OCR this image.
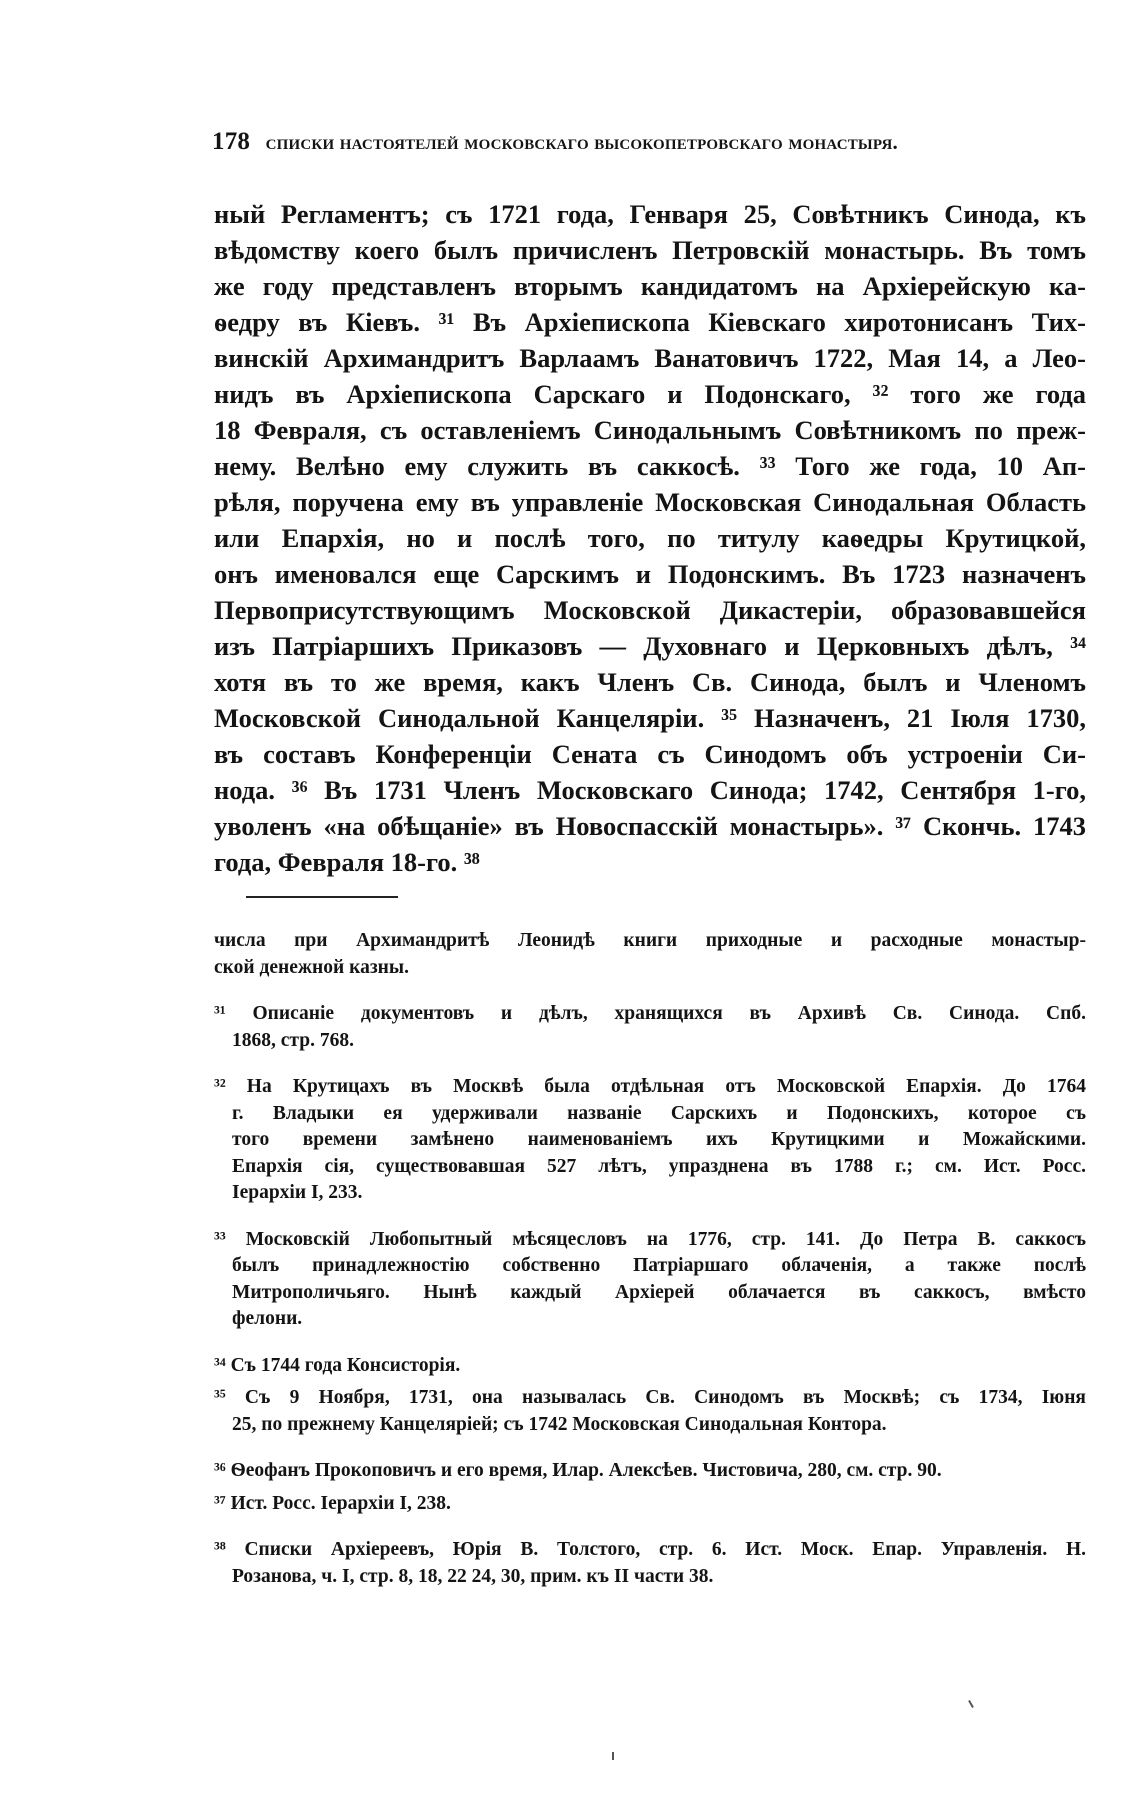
178 списки настоятелей московскаго высокопетровскаго монастыря.
ный Регламентъ; съ 1721 года, Генваря 25, Совѣтникъ Синода, къ
вѣдомству коего былъ причисленъ Петровскій монастырь. Въ томъ
же году представленъ вторымъ кандидатомъ на Архіерейскую ка-
ѳедру въ Кіевъ. ³¹ Въ Архіепископа Кіевскаго хиротонисанъ Тих-
винскій Архимандритъ Варлаамъ Ванатовичъ 1722, Мая 14, а Лео-
нидъ въ Архіепископа Сарскаго и Подонскаго, ³² того же года
18 Февраля, съ оставленіемъ Синодальнымъ Совѣтникомъ по преж-
нему. Велѣно ему служить въ саккосѣ. ³³ Того же года, 10 Ап-
рѣля, поручена ему въ управленіе Московская Синодальная Область
или Епархія, но и послѣ того, по титулу каѳедры Крутицкой,
онъ именовался еще Сарскимъ и Подонскимъ. Въ 1723 назначенъ
Первоприсутствующимъ Московской Дикастеріи, образовавшейся
изъ Патріаршихъ Приказовъ — Духовнаго и Церковныхъ дѣлъ, ³⁴
хотя въ то же время, какъ Членъ Св. Синода, былъ и Членомъ
Московской Синодальной Канцеляріи. ³⁵ Назначенъ, 21 Іюля 1730,
въ составъ Конференціи Сената съ Синодомъ объ устроеніи Си-
нода. ³⁶ Въ 1731 Членъ Московскаго Синода; 1742, Сентября 1-го,
уволенъ «на обѣщаніе» въ Новоспасскій монастырь». ³⁷ Скончь. 1743
года, Февраля 18-го. ³⁸
числа при Архимандритѣ Леонидѣ книги приходные и расходные монастыр-
ской денежной казны.
³¹ Описаніе документовъ и дѣлъ, хранящихся въ Архивѣ Св. Синода. Спб.
1868, стр. 768.
³² На Крутицахъ въ Москвѣ была отдѣльная отъ Московской Епархія. До 1764
г. Владыки ея удерживали названіе Сарскихъ и Подонскихъ, которое съ
того времени замѣнено наименованіемъ ихъ Крутицкими и Можайскими.
Епархія сія, существовавшая 527 лѣтъ, упразднена въ 1788 г.; см. Ист. Росс.
Іерархіи I, 233.
³³ Московскій Любопытный мѣсяцесловъ на 1776, стр. 141. До Петра В. саккосъ
былъ принадлежностію собственно Патріаршаго облаченія, а также послѣ
Митрополичьяго. Нынѣ каждый Архіерей облачается въ саккосъ, вмѣсто
фелони.
³⁴ Съ 1744 года Консисторія.
³⁵ Съ 9 Ноября, 1731, она называлась Св. Синодомъ въ Москвѣ; съ 1734, Іюня
25, по прежнему Канцеляріей; съ 1742 Московская Синодальная Контора.
³⁶ Ѳеофанъ Прокоповичъ и его время, Илар. Алексѣев. Чистовича, 280, см. стр. 90.
³⁷ Ист. Росс. Іерархіи I, 238.
³⁸ Списки Архіереевъ, Юрія В. Толстого, стр. 6. Ист. Моск. Епар. Управленія. Н.
Розанова, ч. I, стр. 8, 18, 22 24, 30, прим. къ II части 38.
